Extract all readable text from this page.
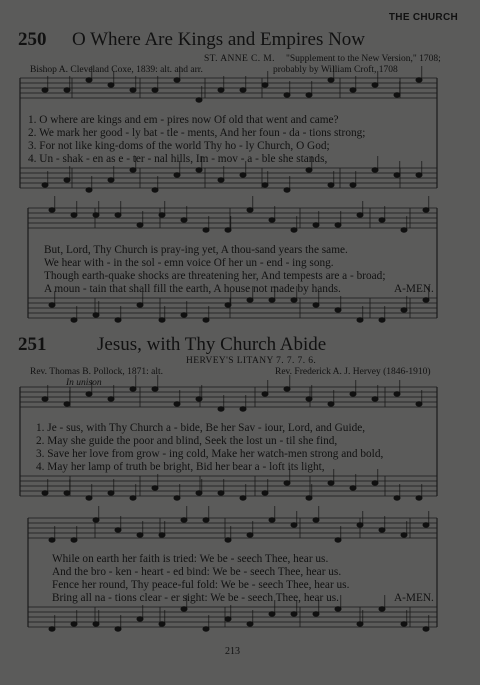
THE CHURCH
250 O Where Are Kings and Empires Now
ST. ANNE C. M. "Supplement to the New Version," 1708;
Bishop A. Cleveland Coxe, 1839: alt. and arr.	probably by William Croft, 1708
1. O where are kings and em - pires now Of old that went and came?
2. We mark her good - ly bat - tle - ments, And her foun - da - tions strong;
3. For not like king-doms of the world Thy ho - ly Church, O God;
4. Un - shak - en as e - ter - nal hills, Im - mov - a - ble she stands,
But, Lord, Thy Church is pray-ing yet, A thou-sand years the same.
We hear with - in the sol - emn voice Of her un - end - ing song.
Though earth-quake shocks are threatening her, And tempests are a - broad;
A moun - tain that shall fill the earth, A house not made by hands.	A-MEN.
251	Jesus, with Thy Church Abide
HERVEY'S LITANY 7. 7. 7. 6.
Rev. Thomas B. Pollock, 1871: alt.	Rev. Frederick A. J. Hervey (1846-1910)
In unison
1. Je - sus, with Thy Church a - bide, Be her Sav - iour, Lord, and Guide,
2. May she guide the poor and blind, Seek the lost un - til she find,
3. Save her love from grow - ing cold, Make her watch-men strong and bold,
4. May her lamp of truth be bright, Bid her bear a - loft its light,
While on earth her faith is tried: We be - seech Thee, hear us.
And the bro - ken - heart - ed bind: We be - seech Thee, hear us.
Fence her round, Thy peace-ful fold: We be - seech Thee, hear us.
Bring all na - tions clear - er sight: We be - seech Thee, hear us.	A-MEN.
213
